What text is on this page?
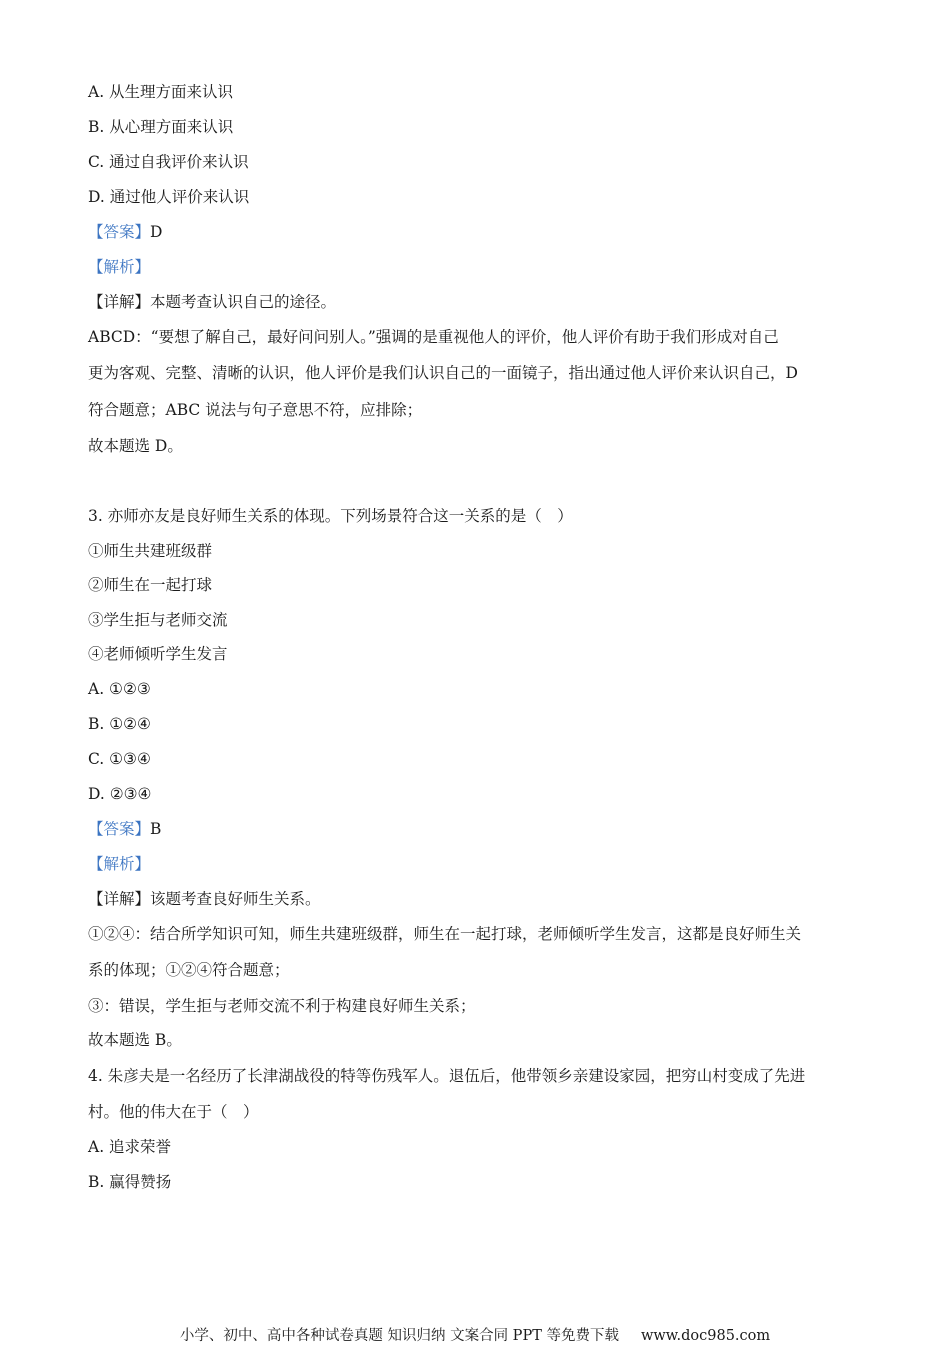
A. 从生理方面来认识
B. 从心理方面来认识
C. 通过自我评价来认识
D. 通过他人评价来认识
【答案】D
【解析】
【详解】本题考查认识自己的途径。
ABCD：“要想了解自己，最好问问别人。”强调的是重视他人的评价，他人评价有助于我们形成对自己
更为客观、完整、清晰的认识，他人评价是我们认识自己的一面镜子，指出通过他人评价来认识自己，D
符合题意；ABC 说法与句子意思不符，应排除；
故本题选 D。
3. 亦师亦友是良好师生关系的体现。下列场景符合这一关系的是（　）
①师生共建班级群
②师生在一起打球
③学生拒与老师交流
④老师倾听学生发言
A. ①②③
B. ①②④
C. ①③④
D. ②③④
【答案】B
【解析】
【详解】该题考查良好师生关系。
①②④：结合所学知识可知，师生共建班级群，师生在一起打球，老师倾听学生发言，这都是良好师生关
系的体现；①②④符合题意；
③：错误，学生拒与老师交流不利于构建良好师生关系；
故本题选 B。
4. 朱彦夫是一名经历了长津湖战役的特等伤残军人。退伍后，他带领乡亲建设家园，把穷山村变成了先进
村。他的伟大在于（　）
A. 追求荣誉
B. 赢得赞扬
小学、初中、高中各种试卷真题 知识归纳 文案合同 PPT 等免费下载 www.doc985.com
